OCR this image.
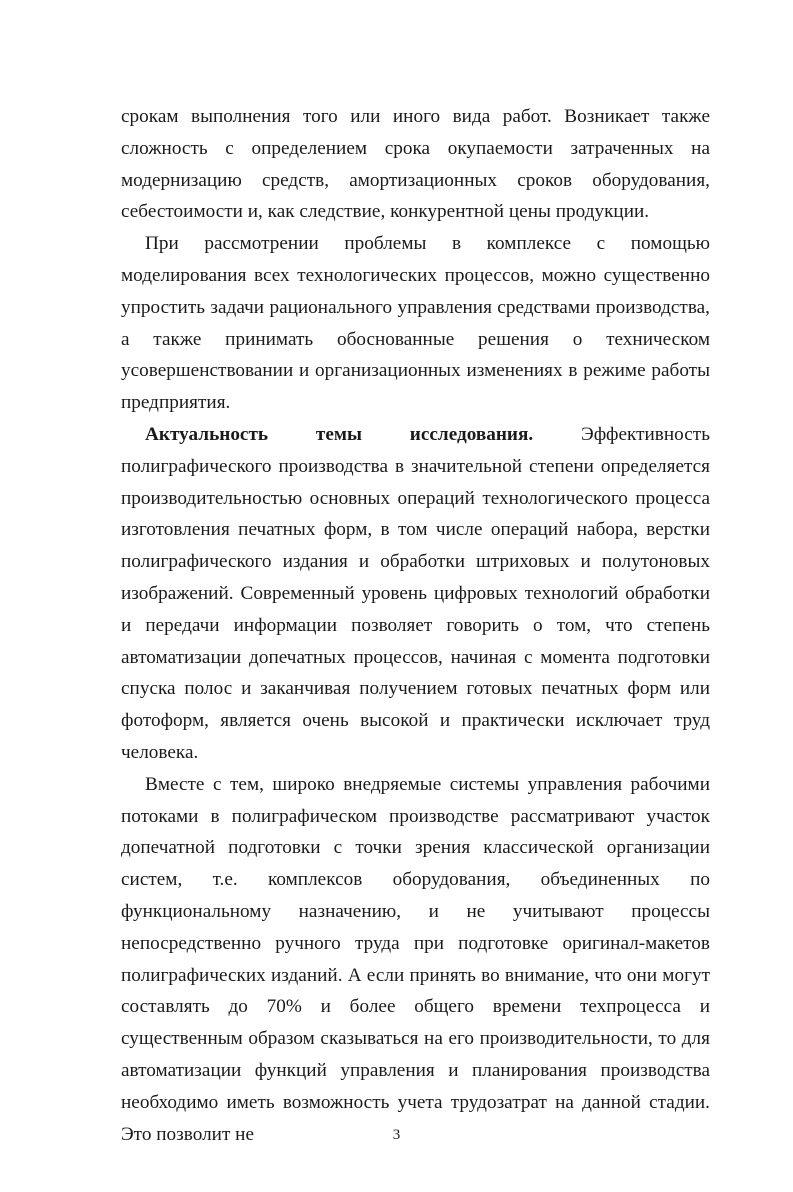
срокам выполнения того или иного вида работ. Возникает также сложность с определением срока окупаемости затраченных на модернизацию средств, амортизационных сроков оборудования, себестоимости и, как следствие, конкурентной цены продукции.

При рассмотрении проблемы в комплексе с помощью моделирования всех технологических процессов, можно существенно упростить задачи рационального управления средствами производства, а также принимать обоснованные решения о техническом усовершенствовании и организационных изменениях в режиме работы предприятия.

Актуальность темы исследования. Эффективность полиграфического производства в значительной степени определяется производительностью основных операций технологического процесса изготовления печатных форм, в том числе операций набора, верстки полиграфического издания и обработки штриховых и полутоновых изображений. Современный уровень цифровых технологий обработки и передачи информации позволяет говорить о том, что степень автоматизации допечатных процессов, начиная с момента подготовки спуска полос и заканчивая получением готовых печатных форм или фотоформ, является очень высокой и практически исключает труд человека.

Вместе с тем, широко внедряемые системы управления рабочими потоками в полиграфическом производстве рассматривают участок допечатной подготовки с точки зрения классической организации систем, т.е. комплексов оборудования, объединенных по функциональному назначению, и не учитывают процессы непосредственно ручного труда при подготовке оригинал-макетов полиграфических изданий. А если принять во внимание, что они могут составлять до 70% и более общего времени техпроцесса и существенным образом сказываться на его производительности, то для автоматизации функций управления и планирования производства необходимо иметь возможность учета трудозатрат на данной стадии. Это позволит не	3
